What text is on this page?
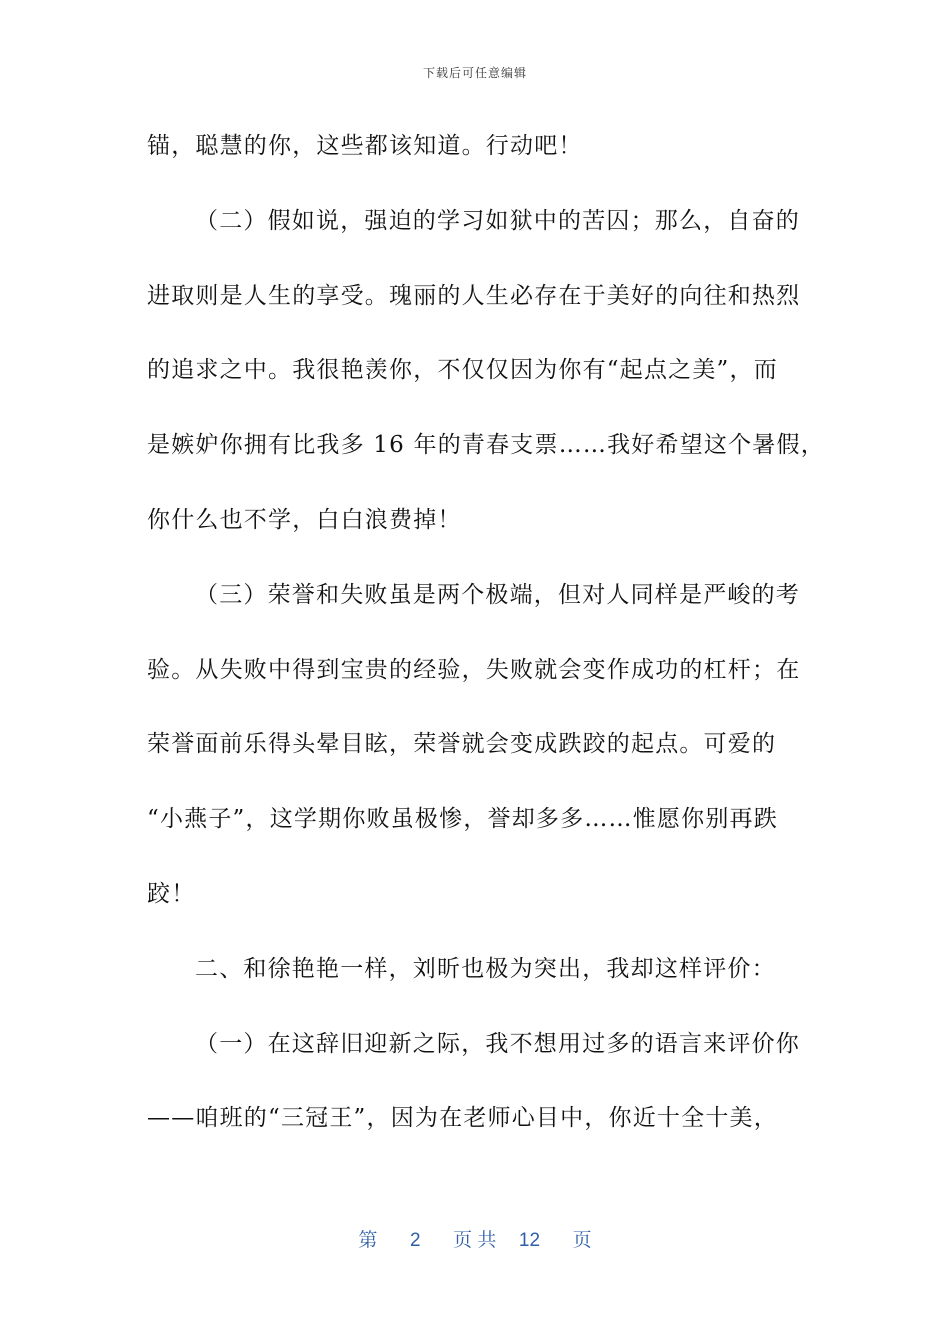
下载后可任意编辑
锚，聪慧的你，这些都该知道。行动吧！
（二）假如说，强迫的学习如狱中的苦囚；那么，自奋的
进取则是人生的享受。瑰丽的人生必存在于美好的向往和热烈
的追求之中。我很艳羡你，不仅仅因为你有“起点之美”，而
是嫉妒你拥有比我多 16 年的青春支票……我好希望这个暑假，
你什么也不学，白白浪费掉！
（三）荣誉和失败虽是两个极端，但对人同样是严峻的考
验。从失败中得到宝贵的经验，失败就会变作成功的杠杆；在
荣誉面前乐得头晕目眩，荣誉就会变成跌跤的起点。可爱的
“小燕子”，这学期你败虽极惨，誉却多多……惟愿你别再跌
跤！
二、和徐艳艳一样，刘昕也极为突出，我却这样评价：
（一）在这辞旧迎新之际，我不想用过多的语言来评价你
——咱班的“三冠王”，因为在老师心目中，你近十全十美，
第 2 页 共 12 页
